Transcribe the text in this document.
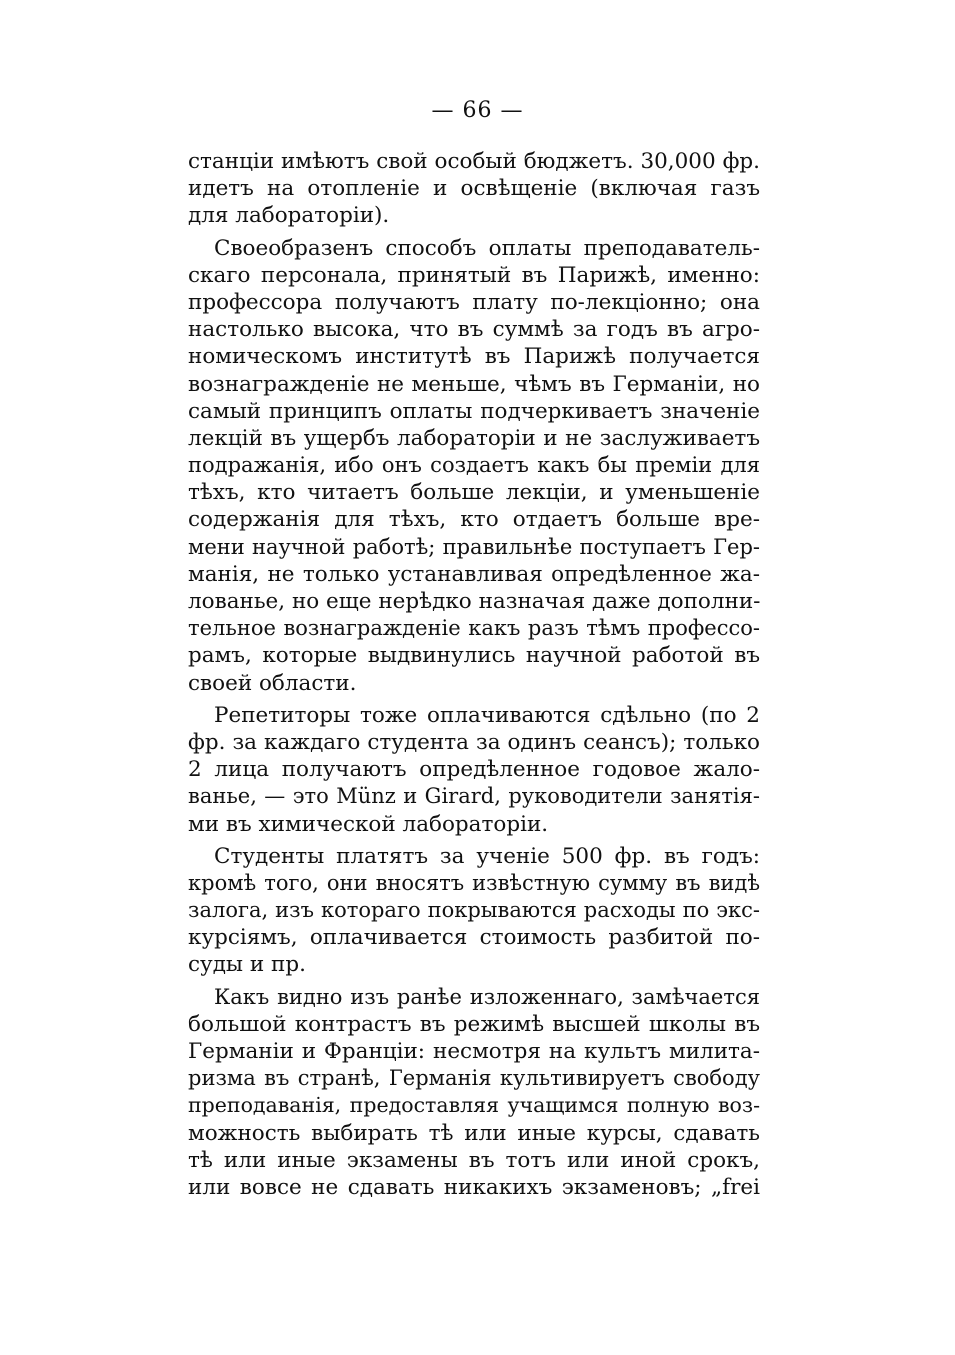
— 66 —
станціи имѣютъ свой особый бюджетъ. 30,000 фр.
идетъ на отопленіе и освѣщеніе (включая газъ
для лабораторіи).
Своеобразенъ способъ оплаты преподаватель-
скаго персонала, принятый въ Парижѣ, именно:
профессора получаютъ плату по-лекціонно; она
настолько высока, что въ суммѣ за годъ въ агро-
номическомъ институтѣ въ Парижѣ получается
вознагражденіе не меньше, чѣмъ въ Германіи, но
самый принципъ оплаты подчеркиваетъ значеніе
лекцій въ ущербъ лабораторіи и не заслуживаетъ
подражанія, ибо онъ создаетъ какъ бы преміи для
тѣхъ, кто читаетъ больше лекціи, и уменьшеніе
содержанія для тѣхъ, кто отдаетъ больше вре-
мени научной работѣ; правильнѣе поступаетъ Гер-
манія, не только устанавливая опредѣленное жа-
лованье, но еще нерѣдко назначая даже дополни-
тельное вознагражденіе какъ разъ тѣмъ профессо-
рамъ, которые выдвинулись научной работой въ
своей области.
Репетиторы тоже оплачиваются сдѣльно (по 2
фр. за каждаго студента за одинъ сеансъ); только
2 лица получаютъ опредѣленное годовое жало-
ванье, — это Münz и Girard, руководители занятія-
ми въ химической лабораторіи.
Студенты платятъ за ученіе 500 фр. въ годъ:
кромѣ того, они вносятъ извѣстную сумму въ видѣ
залога, изъ котораго покрываются расходы по экс-
курсіямъ, оплачивается стоимость разбитой по-
суды и пр.
Какъ видно изъ ранѣе изложеннаго, замѣчается
большой контрастъ въ режимѣ высшей школы въ
Германіи и Франціи: несмотря на культъ милита-
ризма въ странѣ, Германія культивируетъ свободу
преподаванія, предоставляя учащимся полную воз-
можность выбирать тѣ или иные курсы, сдавать
тѣ или иные экзамены въ тотъ или иной срокъ,
или вовсе не сдавать никакихъ экзаменовъ; „frei
